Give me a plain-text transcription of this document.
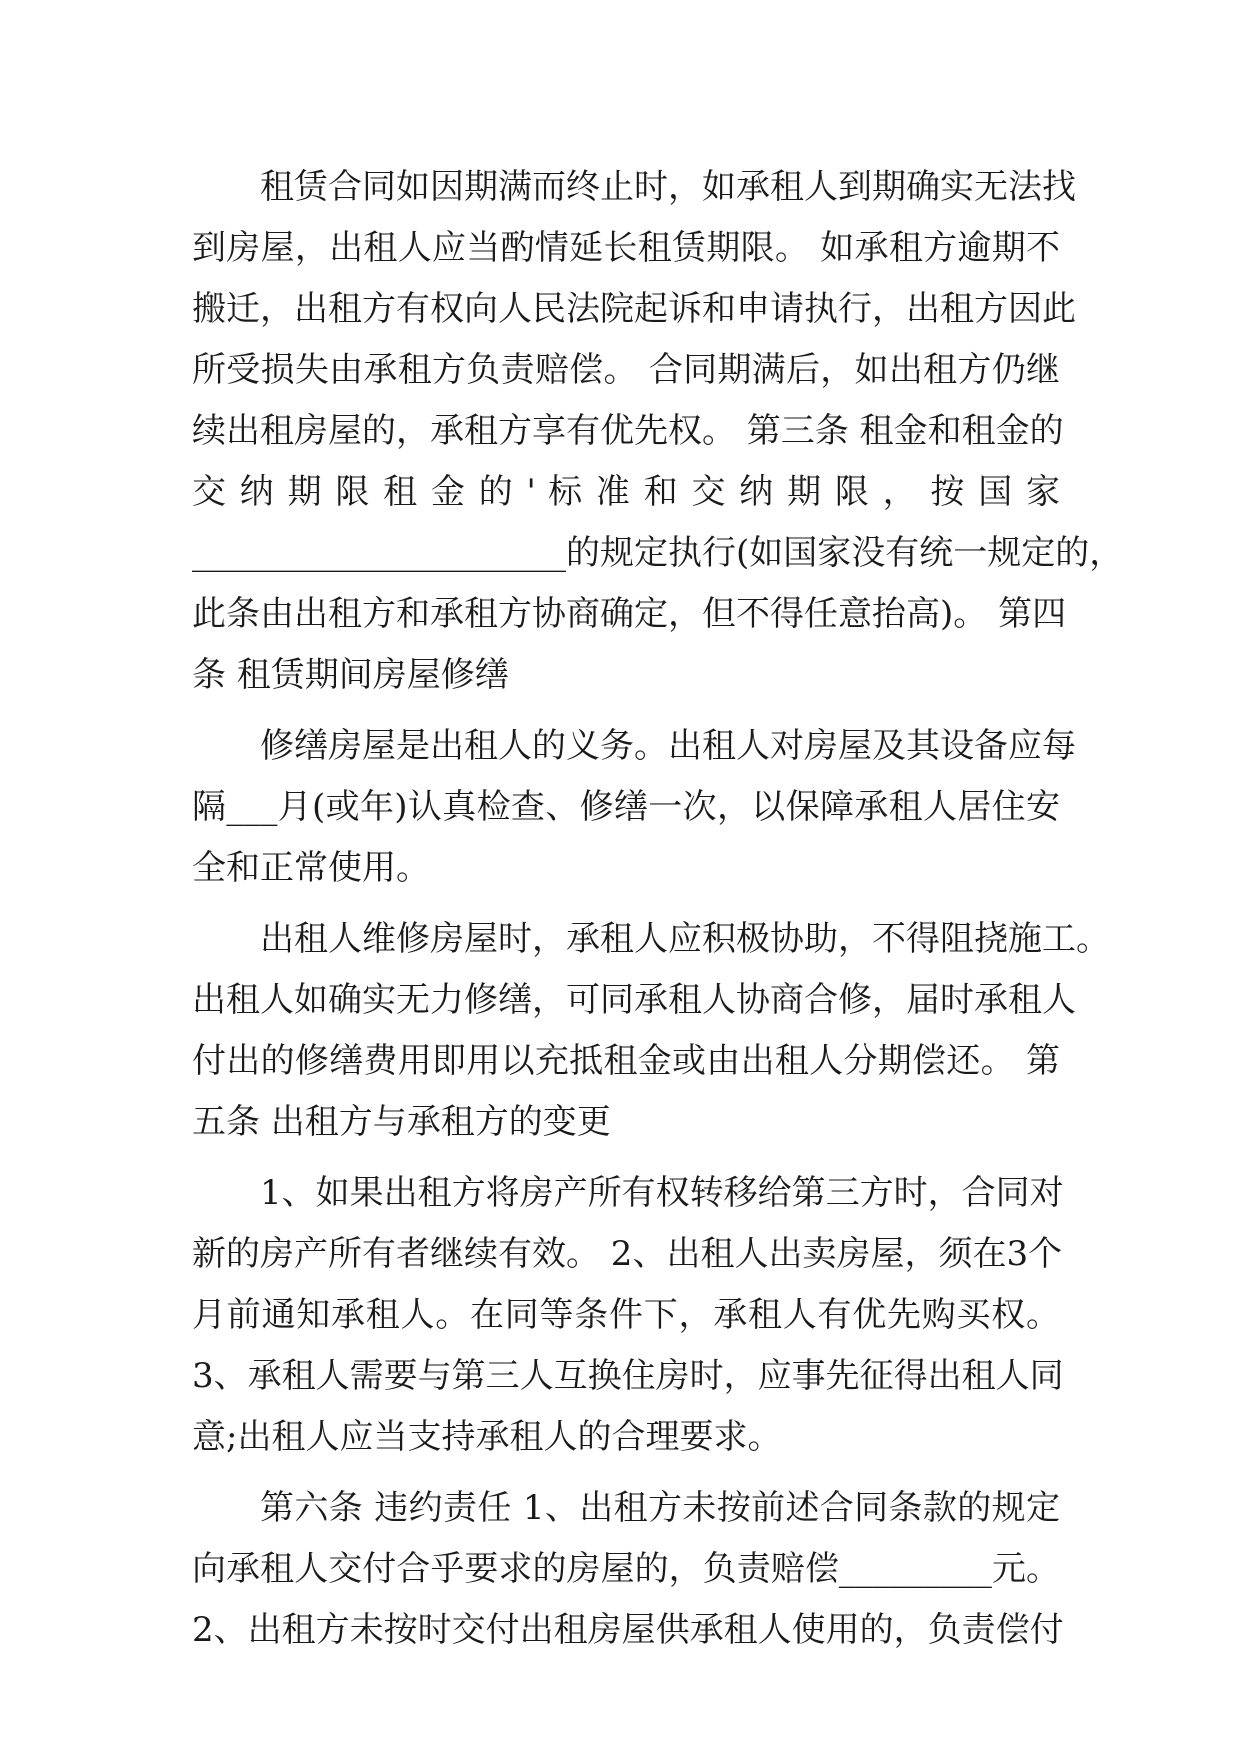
租赁合同如因期满而终止时，如承租人到期确实无法找
到房屋，出租人应当酌情延长租赁期限。 如承租方逾期不
搬迁，出租方有权向人民法院起诉和申请执行，出租方因此
所受损失由承租方负责赔偿。 合同期满后，如出租方仍继
续出租房屋的，承租方享有优先权。 第三条 租金和租金的
交 纳 期 限 租 金 的 ' 标 准 和 交 纳 期 限 ， 按 国 家
______________________的规定执行(如国家没有统一规定的，
此条由出租方和承租方协商确定，但不得任意抬高)。 第四
条 租赁期间房屋修缮
修缮房屋是出租人的义务。出租人对房屋及其设备应每
隔___月(或年)认真检查、修缮一次，以保障承租人居住安
全和正常使用。
出租人维修房屋时，承租人应积极协助，不得阻挠施工。
出租人如确实无力修缮，可同承租人协商合修，届时承租人
付出的修缮费用即用以充抵租金或由出租人分期偿还。 第
五条 出租方与承租方的变更
1、如果出租方将房产所有权转移给第三方时，合同对
新的房产所有者继续有效。 2、出租人出卖房屋，须在3个
月前通知承租人。在同等条件下，承租人有优先购买权。
3、承租人需要与第三人互换住房时，应事先征得出租人同
意;出租人应当支持承租人的合理要求。
第六条 违约责任 1、出租方未按前述合同条款的规定
向承租人交付合乎要求的房屋的，负责赔偿_________元。
2、出租方未按时交付出租房屋供承租人使用的，负责偿付
